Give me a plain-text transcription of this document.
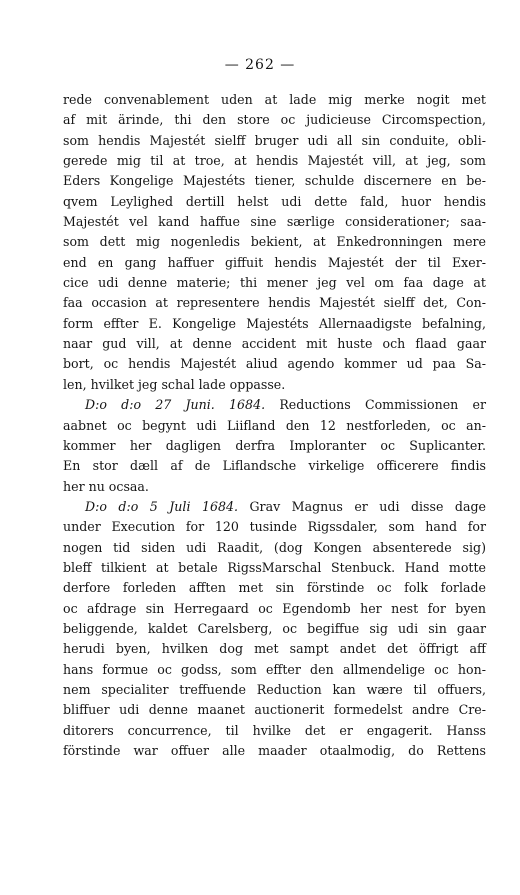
— 262 —
rede convenablement uden at lade mig merke nogit met
af mit ärinde, thi den store oc judicieuse Circomspection,
som hendis Majestét sielff bruger udi all sin conduite, obli-
gerede mig til at troe, at hendis Majestét vill, at jeg, som
Eders Kongelige Majestéts tiener, schulde discernere en be-
qvem Leylighed dertill helst udi dette fald, huor hendis
Majestét vel kand haffue sine særlige considerationer; saa-
som dett mig nogenledis bekient, at Enkedronningen mere
end en gang haffuer giffuit hendis Majestét der til Exer-
cice udi denne materie; thi mener jeg vel om faa dage at
faa occasion at representere hendis Majestét sielff det, Con-
form effter E. Kongelige Majestéts Allernaadigste befalning,
naar gud vill, at denne accident mit huste och flaad gaar
bort, oc hendis Majestét aliud agendo kommer ud paa Sa-
len, hvilket jeg schal lade oppasse.
D:o d:o 27 Juni. 1684. Reductions Commissionen er
aabnet oc begynt udi Liifland den 12 nestforleden, oc an-
kommer her dagligen derfra Imploranter oc Suplicanter.
En stor dæll af de Liflandsche virkelige officerere findis
her nu ocsaa.
D:o d:o 5 Juli 1684. Grav Magnus er udi disse dage
under Execution for 120 tusinde Rigssdaler, som hand for
nogen tid siden udi Raadit, (dog Kongen absenterede sig)
bleff tilkient at betale RigssMarschal Stenbuck. Hand motte
derfore forleden afften met sin förstinde oc folk forlade
oc afdrage sin Herregaard oc Egendomb her nest for byen
beliggende, kaldet Carelsberg, oc begiffue sig udi sin gaar
herudi byen, hvilken dog met sampt andet det öffrigt aff
hans formue oc godss, som effter den allmendelige oc hon-
nem specialiter treffuende Reduction kan wære til offuers,
bliffuer udi denne maanet auctionerit formedelst andre Cre-
ditorers concurrence, til hvilke det er engagerit. Hanss
förstinde war offuer alle maader otaalmodig, do Rettens
